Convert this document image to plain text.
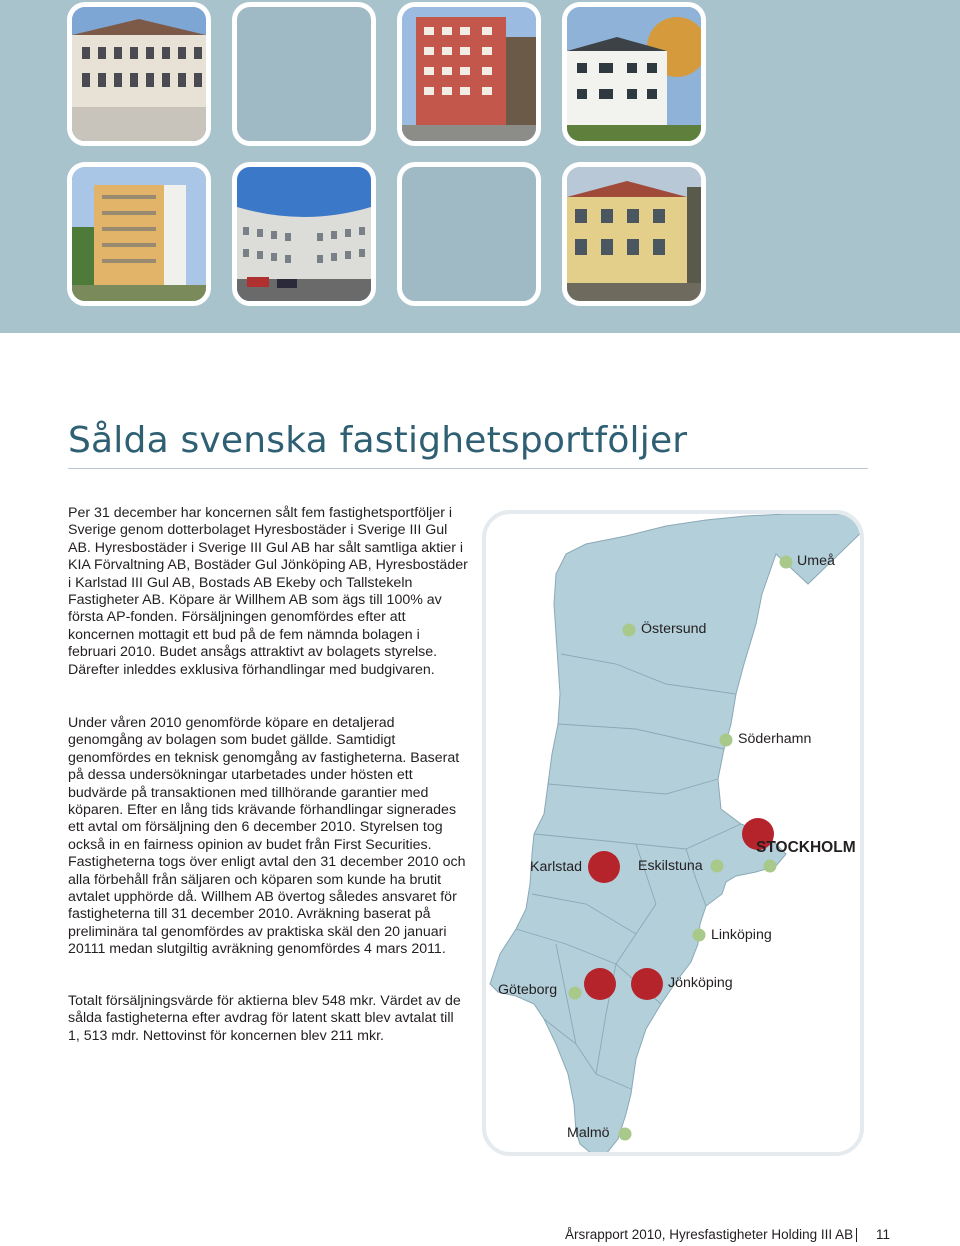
Sålda svenska fastighetsportföljer

Per 31 december har koncernen sålt fem fastighetsportföljer i Sverige genom dotterbolaget Hyresbostäder i Sverige III Gul AB. Hyresbostäder i Sverige III Gul AB har sålt samtliga aktier i KIA Förvaltning AB, Bostäder Gul Jönköping AB, Hyresbostäder i Karlstad III Gul AB, Bostads AB Ekeby och Tallstekeln Fastigheter AB. Köpare är Willhem AB som ägs till 100% av första AP-fonden. Försäljningen genomfördes efter att koncernen mottagit ett bud på de fem nämnda bolagen i februari 2010. Budet ansågs attraktivt av bolagets styrelse. Därefter inleddes exklusiva förhandlingar med budgivaren.

Under våren 2010 genomförde köpare en detaljerad genomgång av bolagen som budet gällde. Samtidigt genomfördes en teknisk genomgång av fastigheterna. Baserat på dessa undersökningar utarbetades under hösten ett budvärde på transaktionen med tillhörande garantier med köparen. Efter en lång tids krävande förhandlingar signerades ett avtal om försäljning den 6 december 2010. Styrelsen tog också in en fairness opinion av budet från First Securities. Fastigheterna togs över enligt avtal den 31 december 2010 och alla förbehåll från säljaren och köparen som kunde ha brutit avtalet upphörde då. Willhem AB övertog således ansvaret för fastigheterna till 31 december 2010. Avräkning baserat på preliminära tal genomfördes av praktiska skäl den 20 januari 20111 medan slutgiltig avräkning genomfördes 4 mars 2011.

Totalt försäljningsvärde för aktierna blev 548 mkr. Värdet av de sålda fastigheterna efter avdrag för latent skatt blev avtalat till 1, 513 mdr. Nettovinst för koncernen blev 211 mkr.

Umeå
Östersund
Söderhamn
STOCKHOLM
Karlstad	Eskilstuna
Linköping
Jönköping
Göteborg
Malmö
Årsrapport 2010, Hyresfastigheter Holding III AB 11
